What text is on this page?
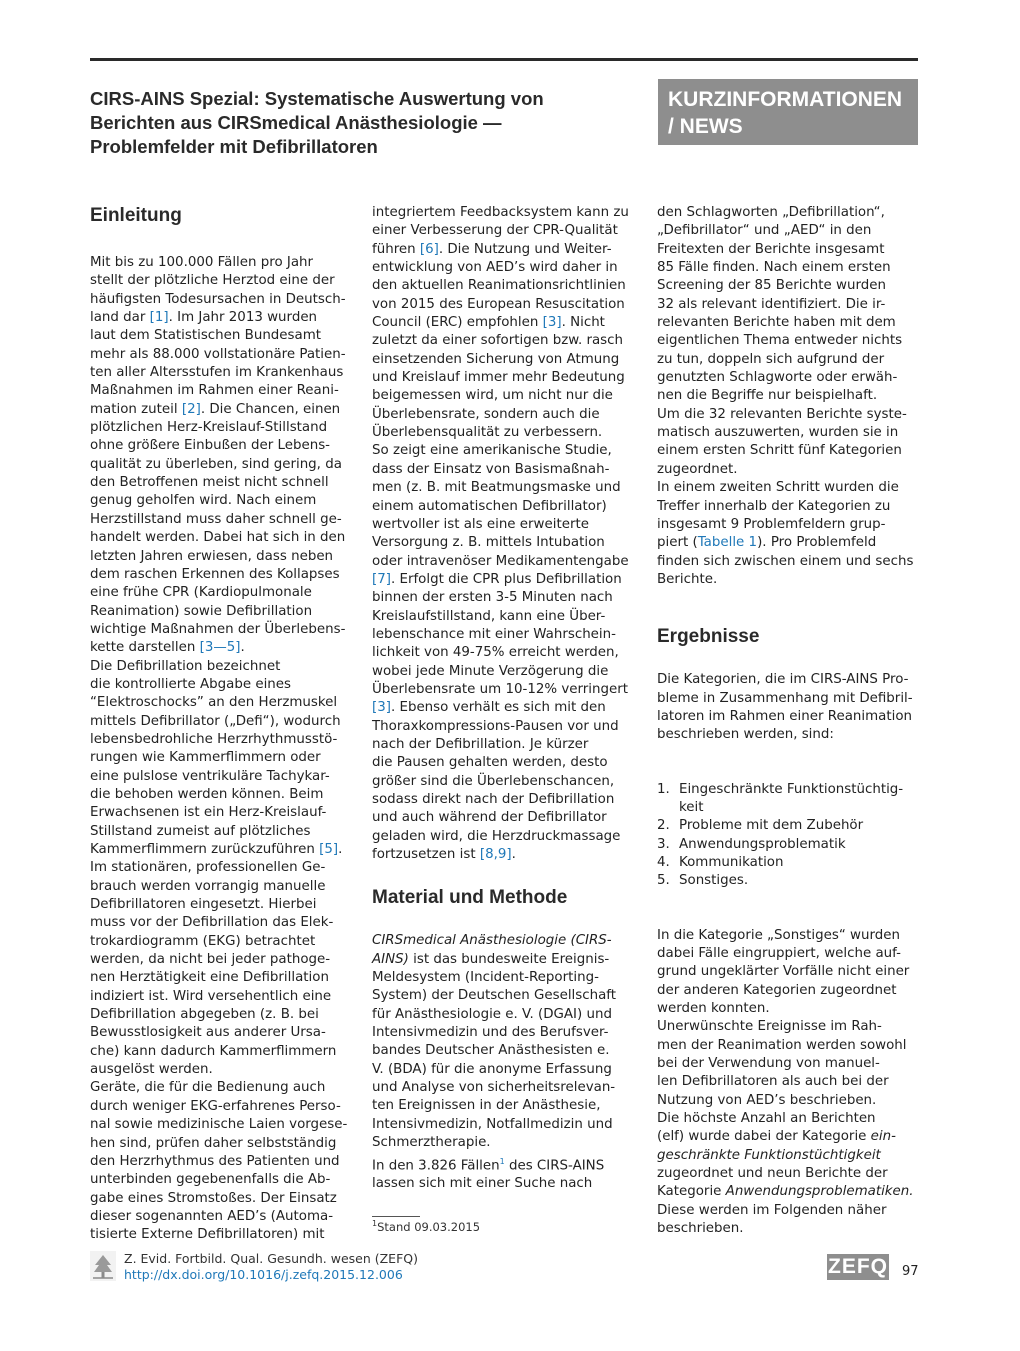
CIRS-AINS Spezial: Systematische Auswertung von
Berichten aus CIRSmedical Anästhesiologie —
Problemfelder mit Defibrillatoren
KURZINFORMATIONEN
/ NEWS
Einleitung
Mit bis zu 100.000 Fällen pro Jahr
stellt der plötzliche Herztod eine der
häufigsten Todesursachen in Deutsch-
land dar [1]. Im Jahr 2013 wurden
laut dem Statistischen Bundesamt
mehr als 88.000 vollstationäre Patien-
ten aller Altersstufen im Krankenhaus
Maßnahmen im Rahmen einer Reani-
mation zuteil [2]. Die Chancen, einen
plötzlichen Herz-Kreislauf-Stillstand
ohne größere Einbußen der Lebens-
qualität zu überleben, sind gering, da
den Betroffenen meist nicht schnell
genug geholfen wird. Nach einem
Herzstillstand muss daher schnell ge-
handelt werden. Dabei hat sich in den
letzten Jahren erwiesen, dass neben
dem raschen Erkennen des Kollapses
eine frühe CPR (Kardiopulmonale
Reanimation) sowie Defibrillation
wichtige Maßnahmen der Überlebens-
kette darstellen [3—5].
Die Defibrillation bezeichnet
die kontrollierte Abgabe eines
“Elektroschocks” an den Herzmuskel
mittels Defibrillator („Defi“), wodurch
lebensbedrohliche Herzrhythmusstö-
rungen wie Kammerflimmern oder
eine pulslose ventrikuläre Tachykar-
die behoben werden können. Beim
Erwachsenen ist ein Herz-Kreislauf-
Stillstand zumeist auf plötzliches
Kammerflimmern zurückzuführen [5].
Im stationären, professionellen Ge-
brauch werden vorrangig manuelle
Defibrillatoren eingesetzt. Hierbei
muss vor der Defibrillation das Elek-
trokardiogramm (EKG) betrachtet
werden, da nicht bei jeder pathoge-
nen Herztätigkeit eine Defibrillation
indiziert ist. Wird versehentlich eine
Defibrillation abgegeben (z. B. bei
Bewusstlosigkeit aus anderer Ursa-
che) kann dadurch Kammerflimmern
ausgelöst werden.
Geräte, die für die Bedienung auch
durch weniger EKG-erfahrenes Perso-
nal sowie medizinische Laien vorgese-
hen sind, prüfen daher selbstständig
den Herzrhythmus des Patienten und
unterbinden gegebenenfalls die Ab-
gabe eines Stromstoßes. Der Einsatz
dieser sogenannten AED’s (Automa-
tisierte Externe Defibrillatoren) mit
integriertem Feedbacksystem kann zu
einer Verbesserung der CPR-Qualität
führen [6]. Die Nutzung und Weiter-
entwicklung von AED’s wird daher in
den aktuellen Reanimationsrichtlinien
von 2015 des European Resuscitation
Council (ERC) empfohlen [3]. Nicht
zuletzt da einer sofortigen bzw. rasch
einsetzenden Sicherung von Atmung
und Kreislauf immer mehr Bedeutung
beigemessen wird, um nicht nur die
Überlebensrate, sondern auch die
Überlebensqualität zu verbessern.
So zeigt eine amerikanische Studie,
dass der Einsatz von Basismaßnah-
men (z. B. mit Beatmungsmaske und
einem automatischen Defibrillator)
wertvoller ist als eine erweiterte
Versorgung z. B. mittels Intubation
oder intravenöser Medikamentengabe
[7]. Erfolgt die CPR plus Defibrillation
binnen der ersten 3-5 Minuten nach
Kreislaufstillstand, kann eine Über-
lebenschance mit einer Wahrschein-
lichkeit von 49-75% erreicht werden,
wobei jede Minute Verzögerung die
Überlebensrate um 10-12% verringert
[3]. Ebenso verhält es sich mit den
Thoraxkompressions-Pausen vor und
nach der Defibrillation. Je kürzer
die Pausen gehalten werden, desto
größer sind die Überlebenschancen,
sodass direkt nach der Defibrillation
und auch während der Defibrillator
geladen wird, die Herzdruckmassage
fortzusetzen ist [8,9].
Material und Methode
CIRSmedical Anästhesiologie (CIRS-
AINS) ist das bundesweite Ereignis-
Meldesystem (Incident-Reporting-
System) der Deutschen Gesellschaft
für Anästhesiologie e. V. (DGAI) und
Intensivmedizin und des Berufsver-
bandes Deutscher Anästhesisten e.
V. (BDA) für die anonyme Erfassung
und Analyse von sicherheitsrelevan-
ten Ereignissen in der Anästhesie,
Intensivmedizin, Notfallmedizin und
Schmerztherapie.
In den 3.826 Fällen$^1$ des CIRS-AINS
lassen sich mit einer Suche nach
den Schlagworten „Defibrillation“,
„Defibrillator“ und „AED“ in den
Freitexten der Berichte insgesamt
85 Fälle finden. Nach einem ersten
Screening der 85 Berichte wurden
32 als relevant identifiziert. Die ir-
relevanten Berichte haben mit dem
eigentlichen Thema entweder nichts
zu tun, doppeln sich aufgrund der
genutzten Schlagworte oder erwäh-
nen die Begriffe nur beispielhaft.
Um die 32 relevanten Berichte syste-
matisch auszuwerten, wurden sie in
einem ersten Schritt fünf Kategorien
zugeordnet.
In einem zweiten Schritt wurden die
Treffer innerhalb der Kategorien zu
insgesamt 9 Problemfeldern grup-
piert (Tabelle 1). Pro Problemfeld
finden sich zwischen einem und sechs
Berichte.
Ergebnisse
Die Kategorien, die im CIRS-AINS Pro-
bleme in Zusammenhang mit Defibril-
latoren im Rahmen einer Reanimation
beschrieben werden, sind:
1. Eingeschränkte Funktionstüchtig-
keit
2. Probleme mit dem Zubehör
3. Anwendungsproblematik
4. Kommunikation
5. Sonstiges.
In die Kategorie „Sonstiges“ wurden
dabei Fälle eingruppiert, welche auf-
grund ungeklärter Vorfälle nicht einer
der anderen Kategorien zugeordnet
werden konnten.
Unerwünschte Ereignisse im Rah-
men der Reanimation werden sowohl
bei der Verwendung von manuel-
len Defibrillatoren als auch bei der
Nutzung von AED’s beschrieben.
Die höchste Anzahl an Berichten
(elf) wurde dabei der Kategorie ein-
geschränkte Funktionstüchtigkeit
zugeordnet und neun Berichte der
Kategorie Anwendungsproblematiken.
Diese werden im Folgenden näher
beschrieben.
$^1$Stand 09.03.2015
Z. Evid. Fortbild. Qual. Gesundh. wesen (ZEFQ)
http://dx.doi.org/10.1016/j.zefq.2015.12.006	ZEFQ 97
